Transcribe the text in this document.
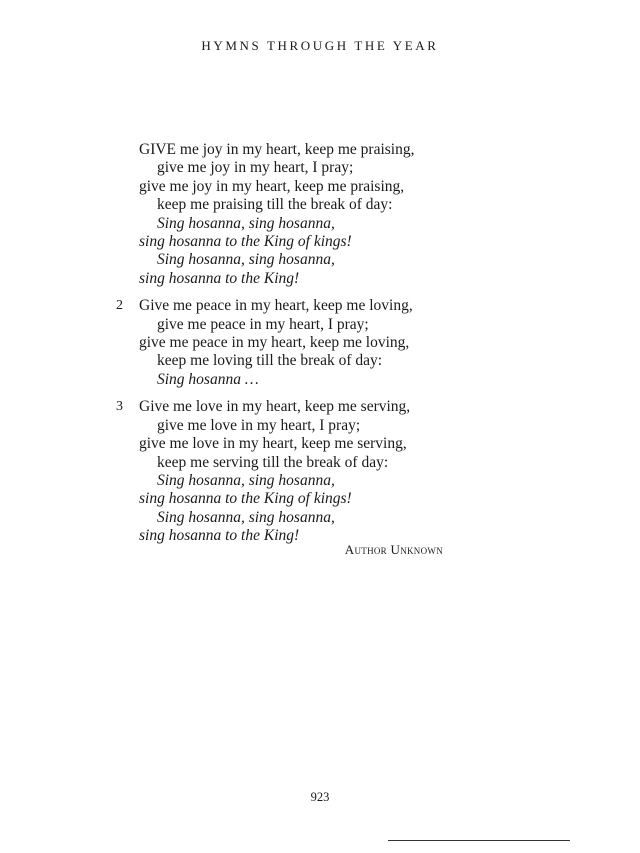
HYMNS THROUGH THE YEAR
GIVE me joy in my heart, keep me praising,
give me joy in my heart, I pray;
give me joy in my heart, keep me praising,
keep me praising till the break of day:
Sing hosanna, sing hosanna,
sing hosanna to the King of kings!
Sing hosanna, sing hosanna,
sing hosanna to the King!
2 Give me peace in my heart, keep me loving,
give me peace in my heart, I pray;
give me peace in my heart, keep me loving,
keep me loving till the break of day:
Sing hosanna …
3 Give me love in my heart, keep me serving,
give me love in my heart, I pray;
give me love in my heart, keep me serving,
keep me serving till the break of day:
Sing hosanna, sing hosanna,
sing hosanna to the King of kings!
Sing hosanna, sing hosanna,
sing hosanna to the King!
Author Unknown
923
